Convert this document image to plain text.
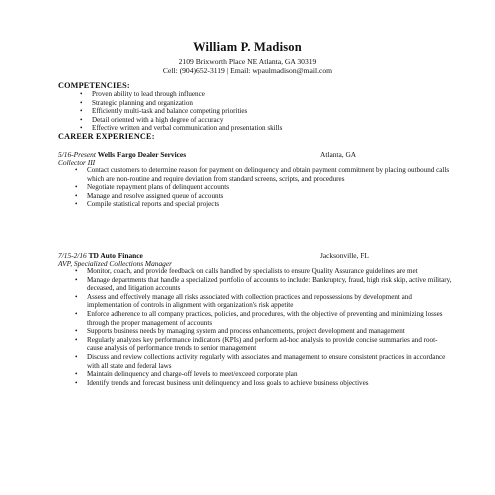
William P. Madison
2109 Brixworth Place NE Atlanta, GA 30319
Cell: (904)652-3119 | Email: wpaulmadison@mail.com
COMPETENCIES:
• Proven ability to lead through influence
• Strategic planning and organization
• Efficiently multi-task and balance competing priorities
• Detail oriented with a high degree of accuracy
• Effective written and verbal communication and presentation skills
CAREER EXPERIENCE:
5/16-Present Wells Fargo Dealer Services	Atlanta, GA
Collector III
• Contact customers to determine reason for payment on delinquency and obtain payment commitment by placing outbound calls which are non-routine and require deviation from standard screens, scripts, and procedures
• Negotiate repayment plans of delinquent accounts
• Manage and resolve assigned queue of accounts
• Compile statistical reports and special projects
7/15-2/16 TD Auto Finance	Jacksonville, FL
AVP, Specialized Collections Manager
• Monitor, coach, and provide feedback on calls handled by specialists to ensure Quality Assurance guidelines are met
• Manage departments that handle a specialized portfolio of accounts to include: Bankruptcy, fraud, high risk skip, active military, deceased, and litigation accounts
• Assess and effectively manage all risks associated with collection practices and repossessions by development and implementation of controls in alignment with organization's risk appetite
• Enforce adherence to all company practices, policies, and procedures, with the objective of preventing and minimizing losses through the proper management of accounts
• Supports business needs by managing system and process enhancements, project development and management
• Regularly analyzes key performance indicators (KPIs) and perform ad-hoc analysis to provide concise summaries and root-cause analysis of performance trends to senior management
• Discuss and review collections activity regularly with associates and management to ensure consistent practices in accordance with all state and federal laws
• Maintain delinquency and charge-off levels to meet/exceed corporate plan
• Identify trends and forecast business unit delinquency and loss goals to achieve business objectives
